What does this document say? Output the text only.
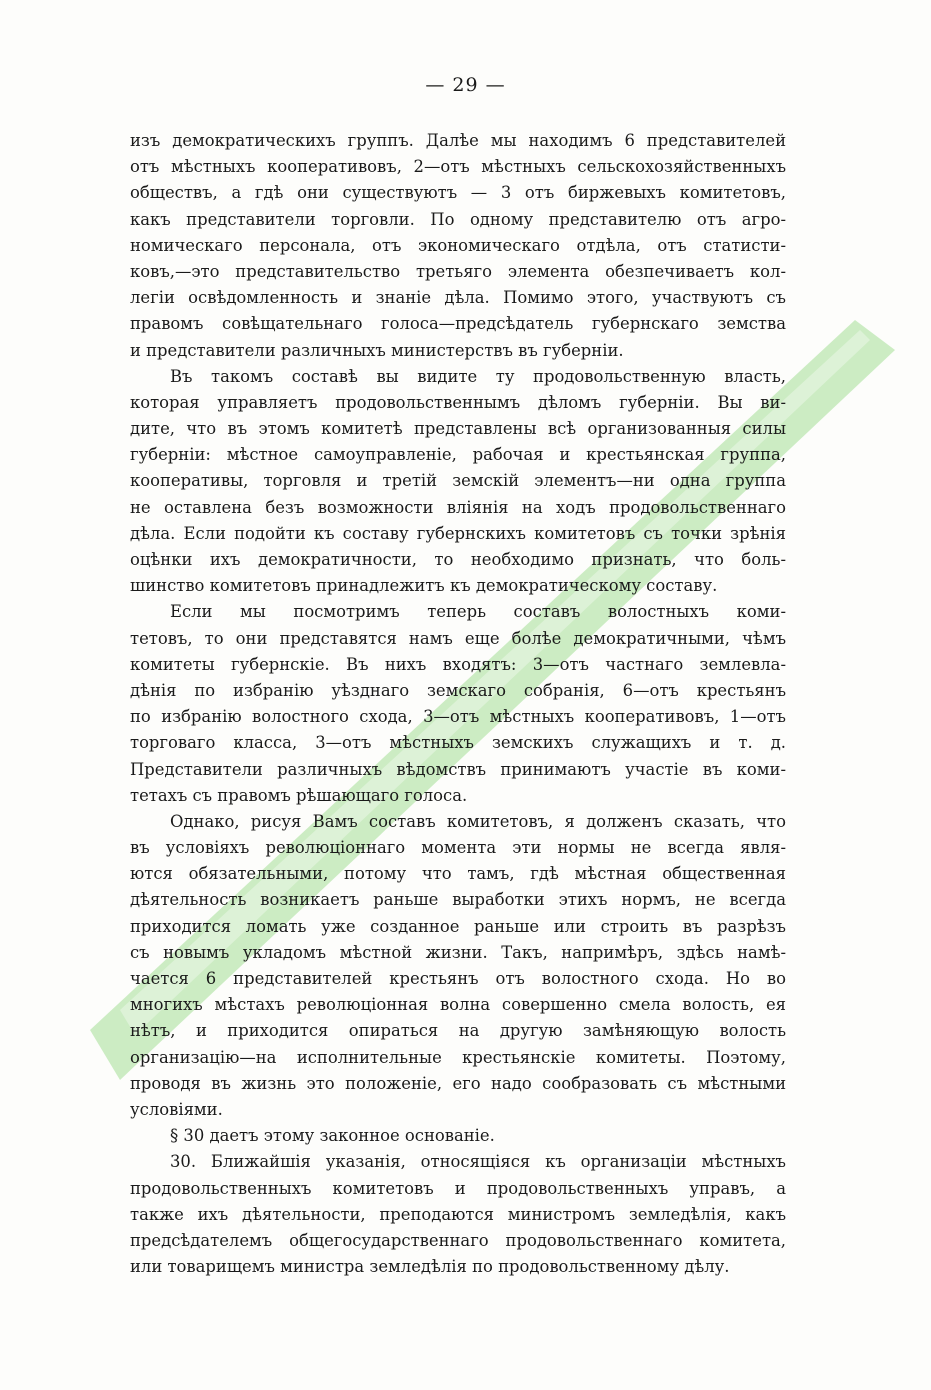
— 29 —
изъ демократическихъ группъ. Далѣе мы находимъ 6 представителей
отъ мѣстныхъ кооперативовъ, 2—отъ мѣстныхъ сельскохозяйственныхъ
обществъ, а гдѣ они существуютъ — 3 отъ биржевыхъ комитетовъ,
какъ представители торговли. По одному представителю отъ агро-
номическаго персонала, отъ экономическаго отдѣла, отъ статисти-
ковъ,—это представительство третьяго элемента обезпечиваетъ кол-
легіи освѣдомленность и знаніе дѣла. Помимо этого, участвуютъ съ
правомъ совѣщательнаго голоса—предсѣдатель губернскаго земства
и представители различныхъ министерствъ въ губерніи.
Въ такомъ составѣ вы видите ту продовольственную власть,
которая управляетъ продовольственнымъ дѣломъ губерніи. Вы ви-
дите, что въ этомъ комитетѣ представлены всѣ организованныя силы
губерніи: мѣстное самоуправленіе, рабочая и крестьянская группа,
кооперативы, торговля и третій земскій элементъ—ни одна группа
не оставлена безъ возможности вліянія на ходъ продовольственнаго
дѣла. Если подойти къ составу губернскихъ комитетовъ съ точки зрѣнія
оцѣнки ихъ демократичности, то необходимо признать, что боль-
шинство комитетовъ принадлежитъ къ демократическому составу.
Если мы посмотримъ теперь составъ волостныхъ коми-
тетовъ, то они представятся намъ еще болѣе демократичными, чѣмъ
комитеты губернскіе. Въ нихъ входятъ: 3—отъ частнаго землевла-
дѣнія по избранію уѣзднаго земскаго собранія, 6—отъ крестьянъ
по избранію волостного схода, 3—отъ мѣстныхъ кооперативовъ, 1—отъ
торговаго класса, 3—отъ мѣстныхъ земскихъ служащихъ и т. д.
Представители различныхъ вѣдомствъ принимаютъ участіе въ коми-
тетахъ съ правомъ рѣшающаго голоса.
Однако, рисуя Вамъ составъ комитетовъ, я долженъ сказать, что
въ условіяхъ революціоннаго момента эти нормы не всегда явля-
ются обязательными, потому что тамъ, гдѣ мѣстная общественная
дѣятельность возникаетъ раньше выработки этихъ нормъ, не всегда
приходится ломать уже созданное раньше или строить въ разрѣзъ
съ новымъ укладомъ мѣстной жизни. Такъ, напримѣръ, здѣсь намѣ-
чается 6 представителей крестьянъ отъ волостного схода. Но во
многихъ мѣстахъ революціонная волна совершенно смела волость, ея
нѣтъ, и приходится опираться на другую замѣняющую волость
организацію—на исполнительные крестьянскіе комитеты. Поэтому,
проводя въ жизнь это положеніе, его надо сообразовать съ мѣстными
условіями.
§ 30 даетъ этому законное основаніе.
30. Ближайшія указанія, относящіяся къ организаціи мѣстныхъ
продовольственныхъ комитетовъ и продовольственныхъ управъ, а
также ихъ дѣятельности, преподаются министромъ земледѣлія, какъ
предсѣдателемъ общегосударственнаго продовольственнаго комитета,
или товарищемъ министра земледѣлія по продовольственному дѣлу.
